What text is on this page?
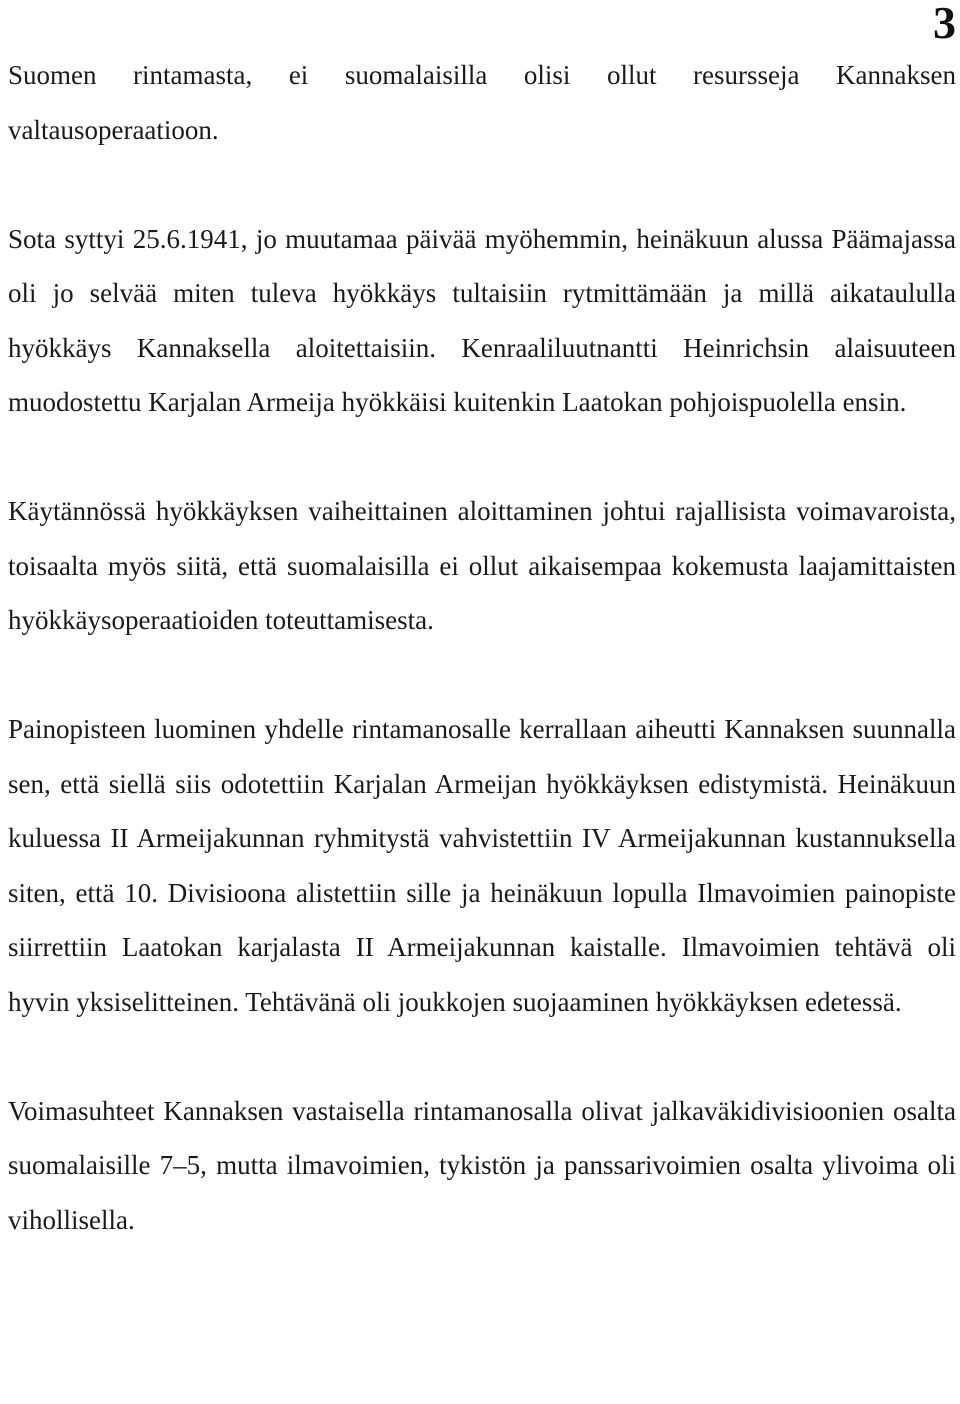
3

Suomen rintamasta, ei suomalaisilla olisi ollut resursseja Kannaksen valtausoperaatioon.

Sota syttyi 25.6.1941, jo muutamaa päivää myöhemmin, heinäkuun alussa Päämajassa oli jo selvää miten tuleva hyökkäys tultaisiin rytmittämään ja millä aikataululla hyökkäys Kannaksella aloitettaisiin. Kenraaliluutnantti Heinrichsin alaisuuteen muodostettu Karjalan Armeija hyökkäisi kuitenkin Laatokan pohjoispuolella ensin.

Käytännössä hyökkäyksen vaiheittainen aloittaminen johtui rajallisista voimavaroista, toisaalta myös siitä, että suomalaisilla ei ollut aikaisempaa kokemusta laajamittaisten hyökkäysoperaatioiden toteuttamisesta.

Painopisteen luominen yhdelle rintamanosalle kerrallaan aiheutti Kannaksen suunnalla sen, että siellä siis odotettiin Karjalan Armeijan hyökkäyksen edistymistä. Heinäkuun kuluessa II Armeijakunnan ryhmitystä vahvistettiin IV Armeijakunnan kustannuksella siten, että 10. Divisioona alistettiin sille ja heinäkuun lopulla Ilmavoimien painopiste siirrettiin Laatokan karjalasta II Armeijakunnan kaistalle. Ilmavoimien tehtävä oli hyvin yksiselitteinen. Tehtävänä oli joukkojen suojaaminen hyökkäyksen edetessä.

Voimasuhteet Kannaksen vastaisella rintamanosalla olivat jalkaväkidivisioonien osalta suomalaisille 7–5, mutta ilmavoimien, tykistön ja panssarivoimien osalta ylivoima oli vihollisella.
